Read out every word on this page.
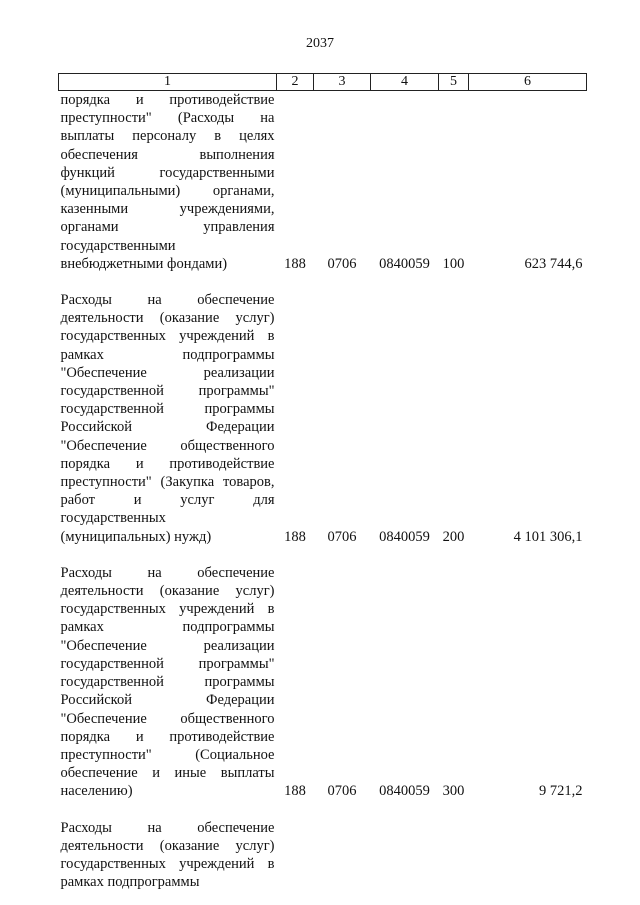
2037
1	2	3	4	5	6
порядка и противодействие преступности" (Расходы на выплаты персоналу в целях обеспечения выполнения функций государственными (муниципальными) органами, казенными учреждениями, органами управления государственными внебюджетными фондами)	188	0706	0840059	100	623 744,6

Расходы на обеспечение деятельности (оказание услуг) государственных учреждений в рамках подпрограммы "Обеспечение реализации государственной программы" государственной программы Российской Федерации "Обеспечение общественного порядка и противодействие преступности" (Закупка товаров, работ и услуг для государственных (муниципальных) нужд)	188	0706	0840059	200	4 101 306,1

Расходы на обеспечение деятельности (оказание услуг) государственных учреждений в рамках подпрограммы "Обеспечение реализации государственной программы" государственной программы Российской Федерации "Обеспечение общественного порядка и противодействие преступности" (Социальное обеспечение и иные выплаты населению)	188	0706	0840059	300	9 721,2

Расходы на обеспечение деятельности (оказание услуг) государственных учреждений в рамках подпрограммы					
